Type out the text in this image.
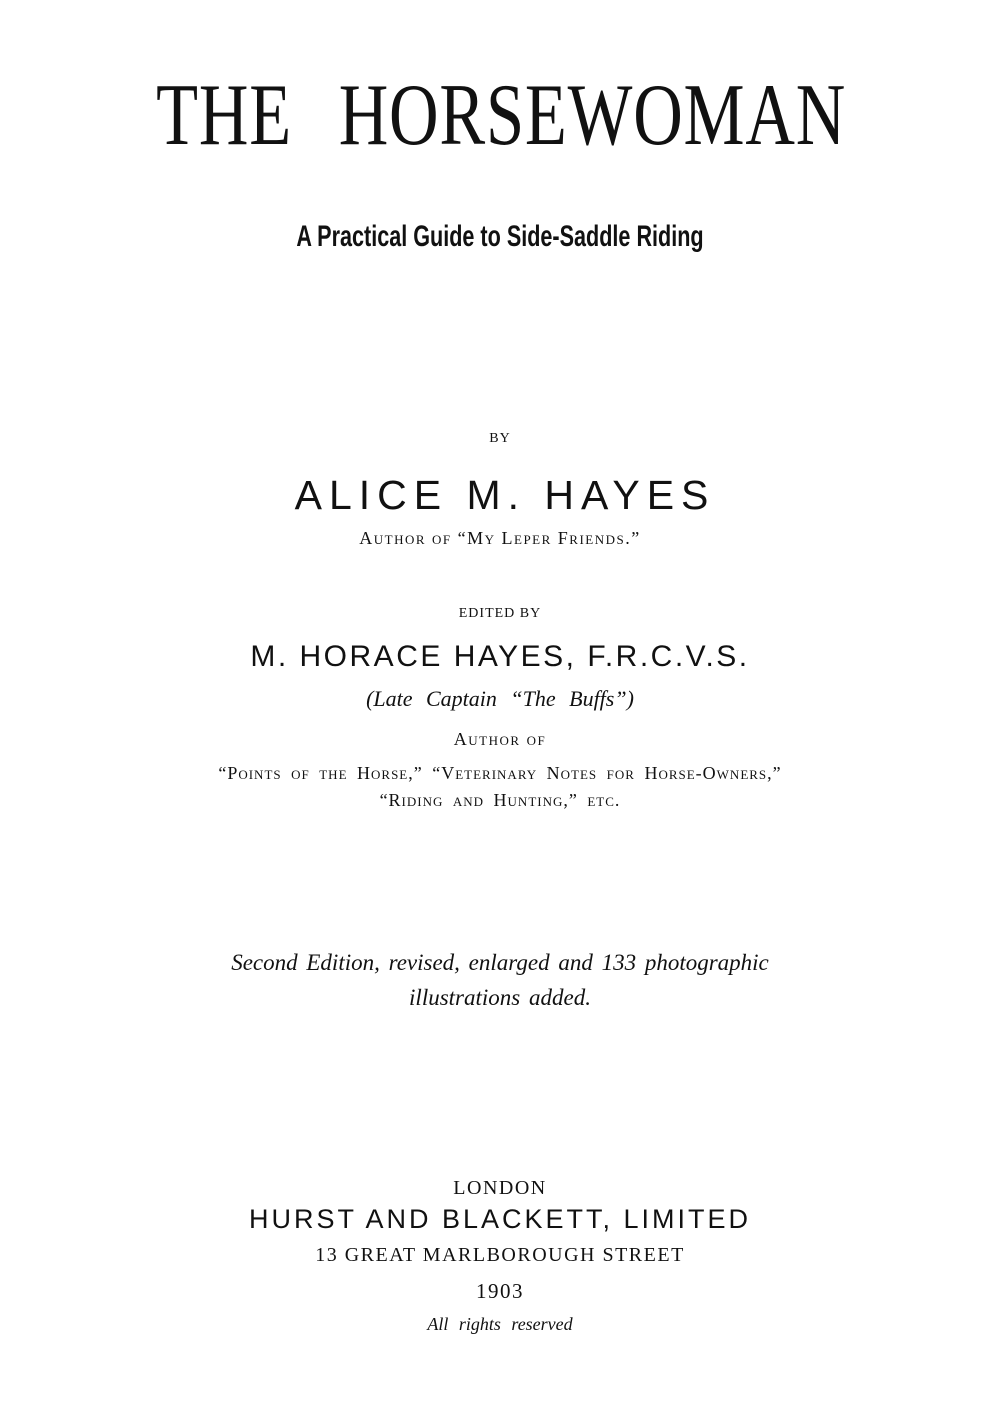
THE HORSEWOMAN
A Practical Guide to Side-Saddle Riding
BY
ALICE M. HAYES
Author of “My Leper Friends.”
EDITED BY
M. HORACE HAYES, F.R.C.V.S.
(Late Captain “The Buffs”)
Author of
“Points of the Horse,” “Veterinary Notes for Horse-Owners,”
“Riding and Hunting,” etc.
Second Edition, revised, enlarged and 133 photographic
illustrations added.
LONDON
HURST AND BLACKETT, LIMITED
13 GREAT MARLBOROUGH STREET
1903
All rights reserved
